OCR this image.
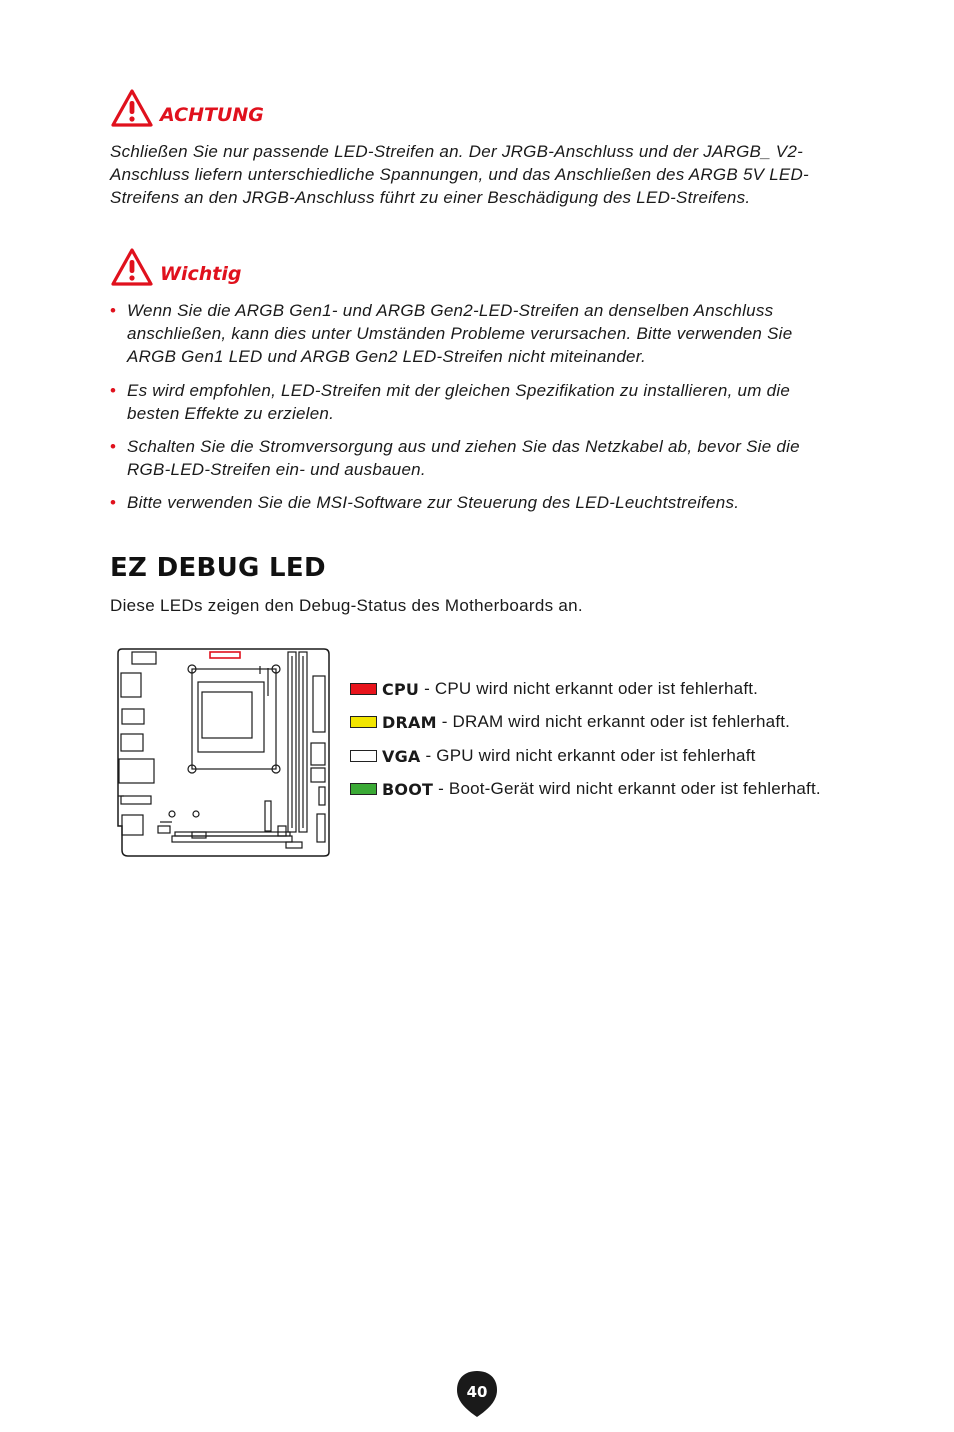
ACHTUNG
Schließen Sie nur passende LED-Streifen an. Der JRGB-Anschluss und der JARGB_ V2-Anschluss liefern unterschiedliche Spannungen, und das Anschließen des ARGB 5V LED-Streifens an den JRGB-Anschluss führt zu einer Beschädigung des LED-Streifens.
Wichtig
• Wenn Sie die ARGB Gen1- und ARGB Gen2-LED-Streifen an denselben Anschluss anschließen, kann dies unter Umständen Probleme verursachen. Bitte verwenden Sie ARGB Gen1 LED und ARGB Gen2 LED-Streifen nicht miteinander.
• Es wird empfohlen, LED-Streifen mit der gleichen Spezifikation zu installieren, um die besten Effekte zu erzielen.
• Schalten Sie die Stromversorgung aus und ziehen Sie das Netzkabel ab, bevor Sie die RGB-LED-Streifen ein- und ausbauen.
• Bitte verwenden Sie die MSI-Software zur Steuerung des LED-Leuchtstreifens.
EZ DEBUG LED
Diese LEDs zeigen den Debug-Status des Motherboards an.
CPU - CPU wird nicht erkannt oder ist fehlerhaft.
DRAM - DRAM wird nicht erkannt oder ist fehlerhaft.
VGA - GPU wird nicht erkannt oder ist fehlerhaft
BOOT - Boot-Gerät wird nicht erkannt oder ist fehlerhaft.
40
